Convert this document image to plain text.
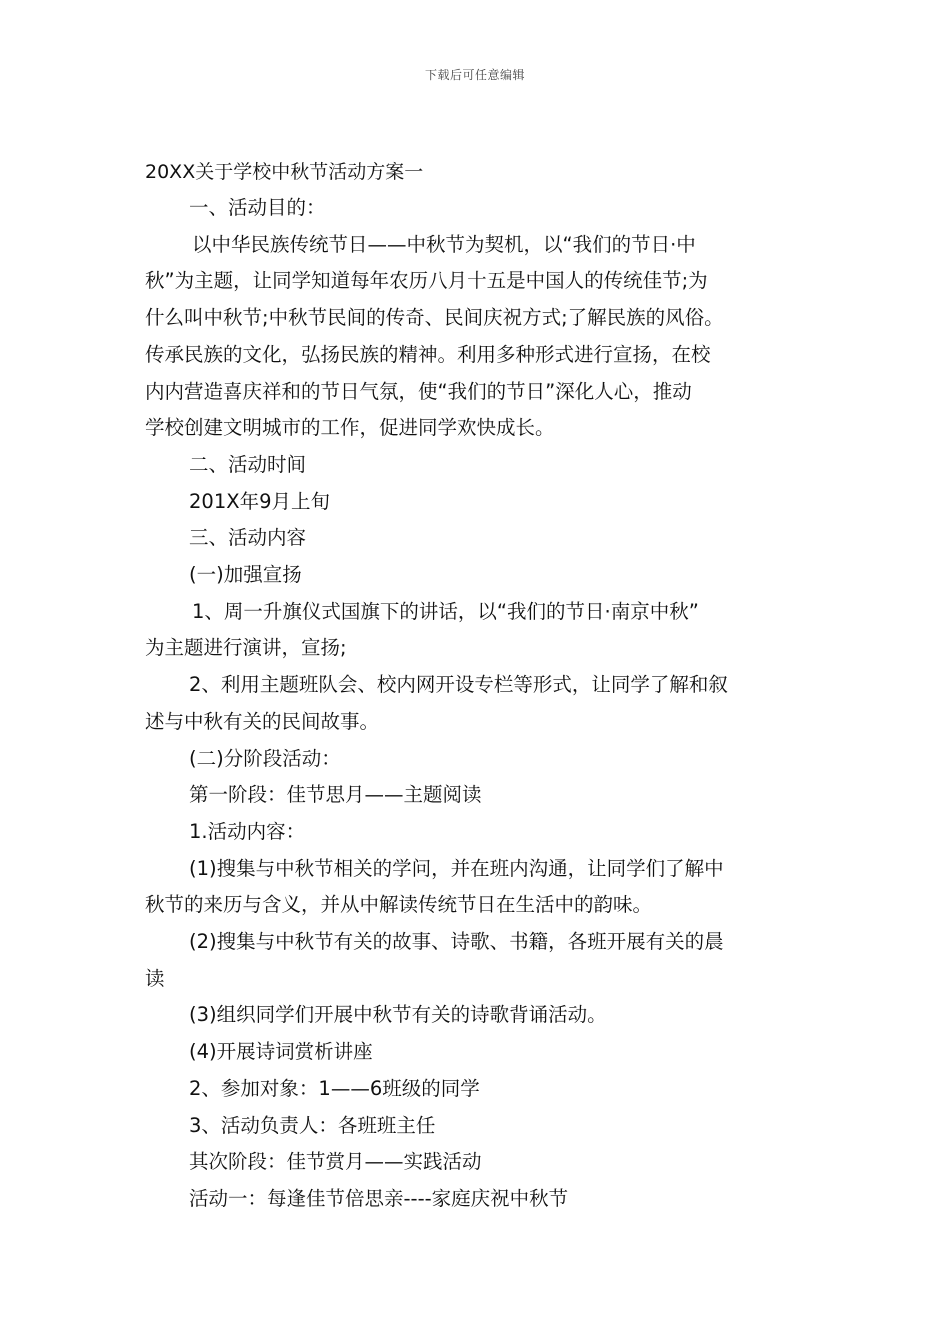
下载后可任意编辑
20XX关于学校中秋节活动方案一
一、活动目的：
以中华民族传统节日——中秋节为契机，以“我们的节日·中
秋”为主题，让同学知道每年农历八月十五是中国人的传统佳节;为
什么叫中秋节;中秋节民间的传奇、民间庆祝方式;了解民族的风俗。
传承民族的文化，弘扬民族的精神。利用多种形式进行宣扬，在校
内内营造喜庆祥和的节日气氛，使“我们的节日”深化人心，推动
学校创建文明城市的工作，促进同学欢快成长。
二、活动时间
201X年9月上旬
三、活动内容
(一)加强宣扬
1、周一升旗仪式国旗下的讲话，以“我们的节日·南京中秋”
为主题进行演讲，宣扬;
2、利用主题班队会、校内网开设专栏等形式，让同学了解和叙
述与中秋有关的民间故事。
(二)分阶段活动：
第一阶段：佳节思月——主题阅读
1.活动内容：
(1)搜集与中秋节相关的学问，并在班内沟通，让同学们了解中
秋节的来历与含义，并从中解读传统节日在生活中的韵味。
(2)搜集与中秋节有关的故事、诗歌、书籍，各班开展有关的晨
读
(3)组织同学们开展中秋节有关的诗歌背诵活动。
(4)开展诗词赏析讲座
2、参加对象：1——6班级的同学
3、活动负责人：各班班主任
其次阶段：佳节赏月——实践活动
活动一：每逢佳节倍思亲----家庭庆祝中秋节
